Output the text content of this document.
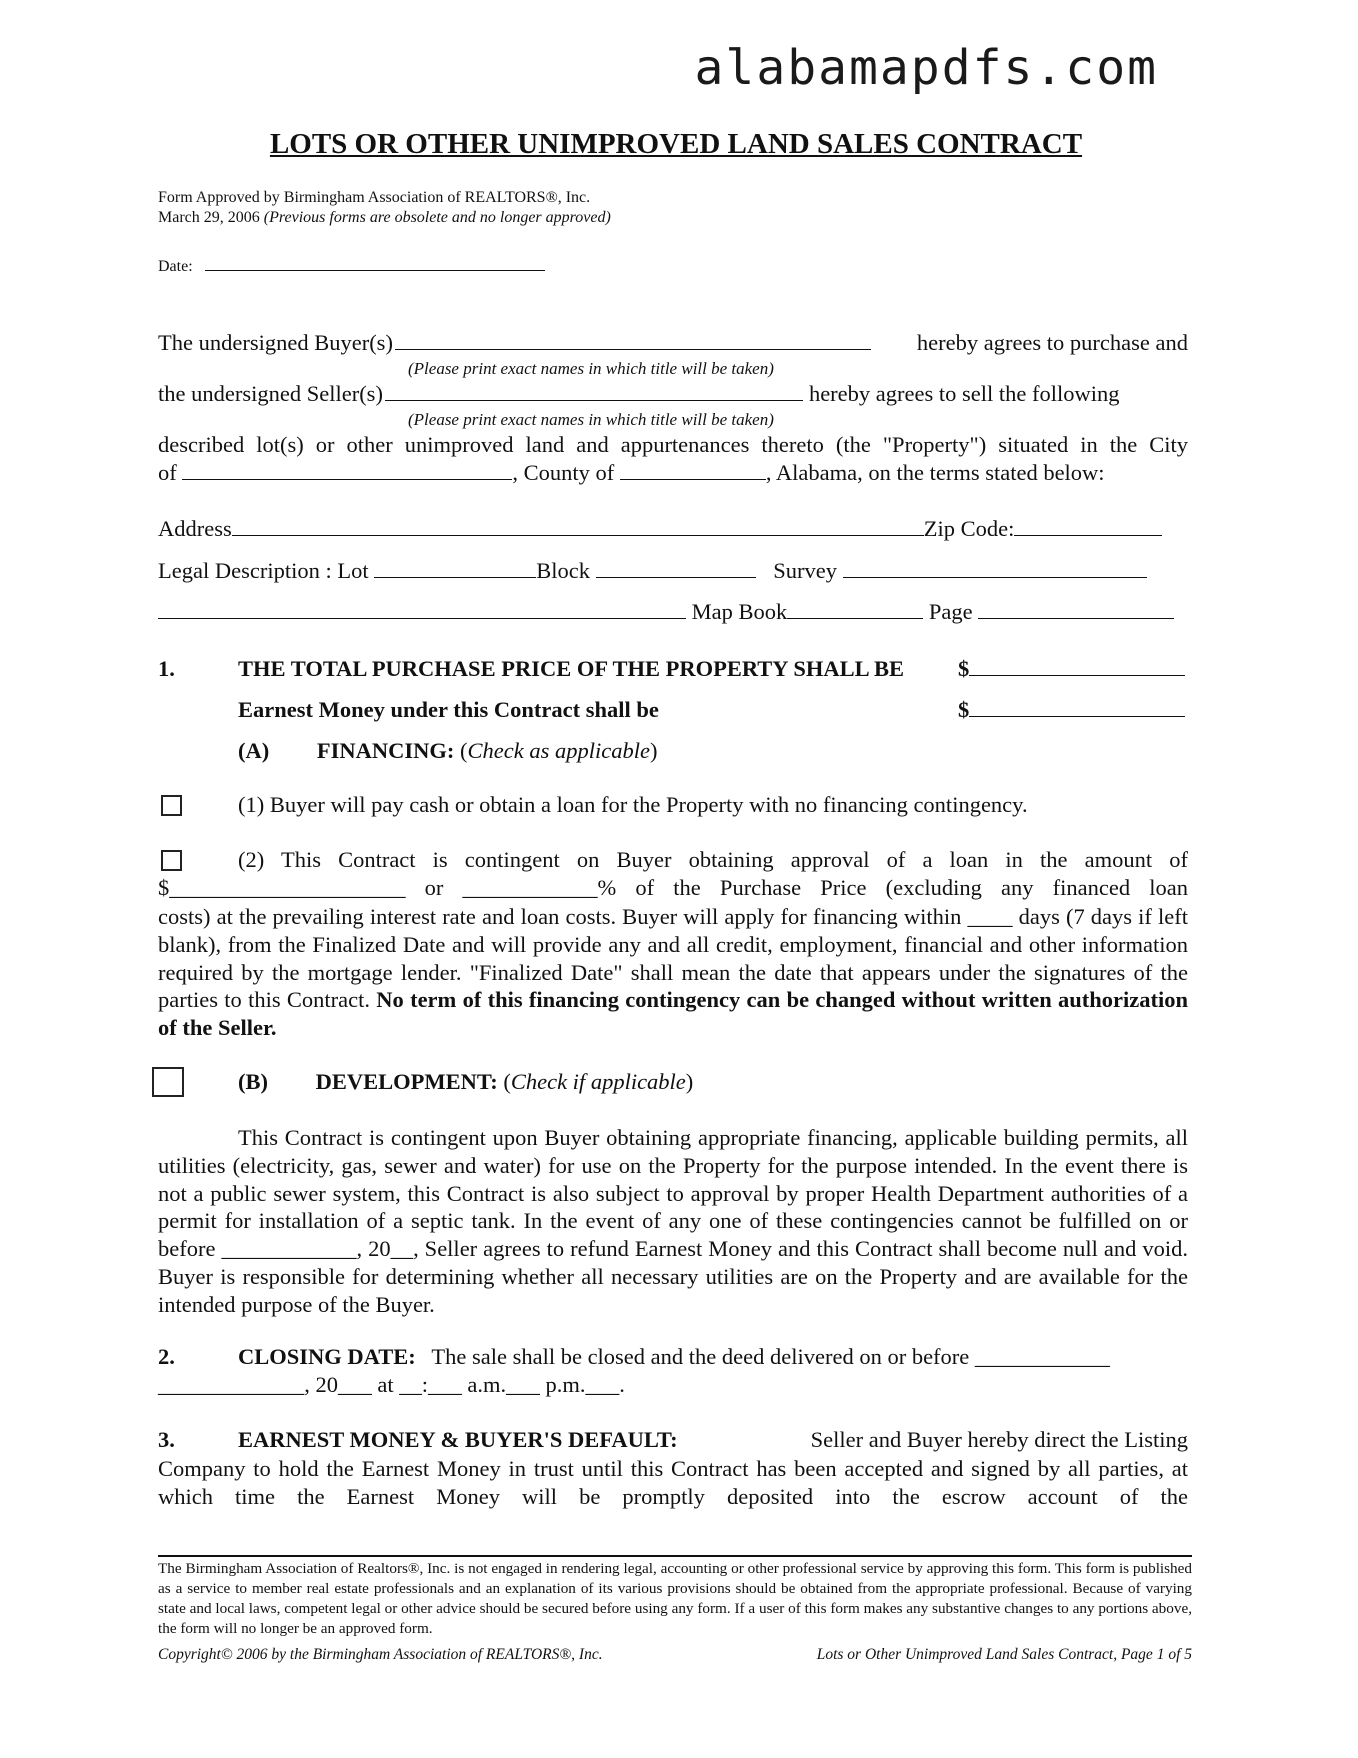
alabamapdfs.com
LOTS OR OTHER UNIMPROVED LAND SALES CONTRACT
Form Approved by Birmingham Association of REALTORS®, Inc.
March 29, 2006 (Previous forms are obsolete and no longer approved)
Date:
The undersigned Buyer(s)	hereby agrees to purchase and
(Please print exact names in which title will be taken)
the undersigned Seller(s)	hereby agrees to sell the following
(Please print exact names in which title will be taken)
described lot(s) or other unimproved land and appurtenances thereto (the "Property") situated in the City
of	, County of	, Alabama, on the terms stated below:
Address	Zip Code:
Legal Description : Lot	Block	Survey
Map Book	Page
1.	THE TOTAL PURCHASE PRICE OF THE PROPERTY SHALL BE $
Earnest Money under this Contract shall be	$
(A) FINANCING: (Check as applicable)
(1) Buyer will pay cash or obtain a loan for the Property with no financing contingency.
(2) This Contract is contingent on Buyer obtaining approval of a loan in the amount of
$_____________________ or ____________% of the Purchase Price (excluding any financed loan
costs) at the prevailing interest rate and loan costs. Buyer will apply for financing within ____ days (7 days if left blank), from the Finalized Date and will provide any and all credit, employment, financial and other information required by the mortgage lender. "Finalized Date" shall mean the date that appears under the signatures of the parties to this Contract. No term of this financing contingency can be changed without written authorization of the Seller.
(B) DEVELOPMENT: (Check if applicable)
This Contract is contingent upon Buyer obtaining appropriate financing, applicable building permits, all utilities (electricity, gas, sewer and water) for use on the Property for the purpose intended. In the event there is not a public sewer system, this Contract is also subject to approval by proper Health Department authorities of a permit for installation of a septic tank. In the event of any one of these contingencies cannot be fulfilled on or before ____________, 20__, Seller agrees to refund Earnest Money and this Contract shall become null and void. Buyer is responsible for determining whether all necessary utilities are on the Property and are available for the intended purpose of the Buyer.
2.	CLOSING DATE: The sale shall be closed and the deed delivered on or before ____________
_____________, 20___ at __:___ a.m.___ p.m.___.
3.	EARNEST MONEY & BUYER'S DEFAULT:	Seller and Buyer hereby direct the Listing
Company to hold the Earnest Money in trust until this Contract has been accepted and signed by all parties, at which time the Earnest Money will be promptly deposited into the escrow account of the
The Birmingham Association of Realtors®, Inc. is not engaged in rendering legal, accounting or other professional service by approving this form. This form is published as a service to member real estate professionals and an explanation of its various provisions should be obtained from the appropriate professional. Because of varying state and local laws, competent legal or other advice should be secured before using any form. If a user of this form makes any substantive changes to any portions above, the form will no longer be an approved form.
Copyright© 2006 by the Birmingham Association of REALTORS®, Inc.	Lots or Other Unimproved Land Sales Contract, Page 1 of 5
